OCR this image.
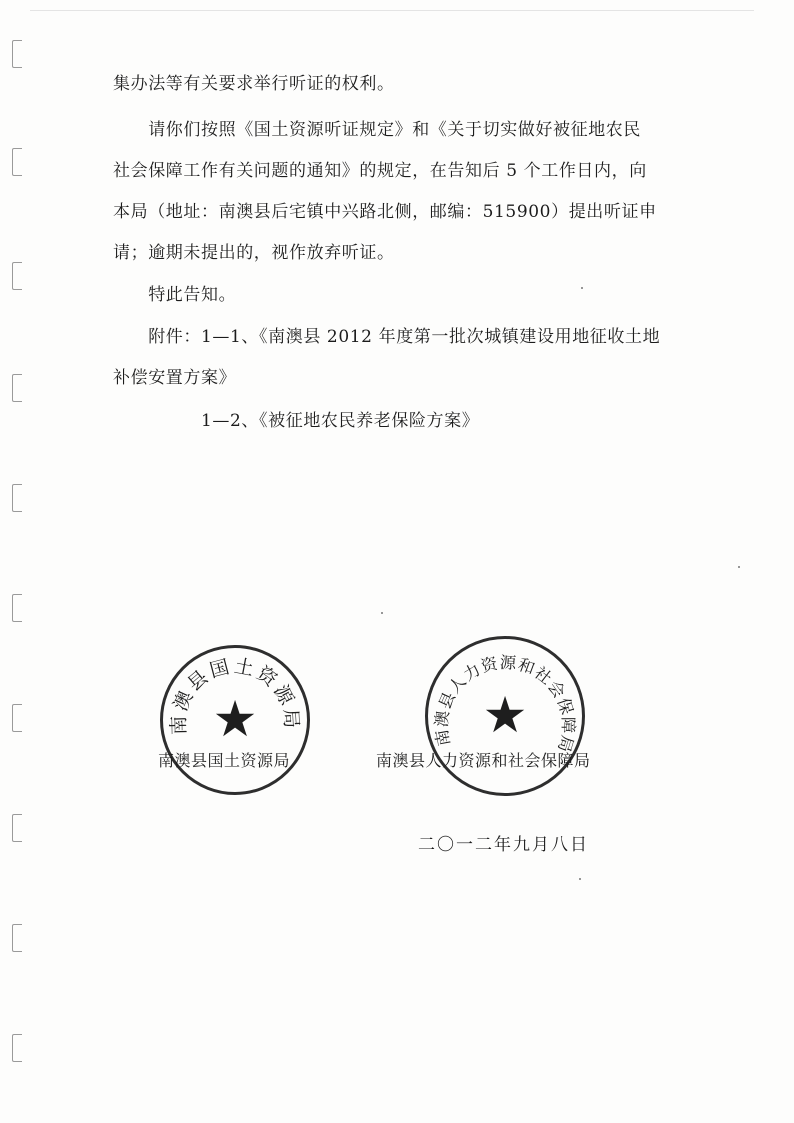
集办法等有关要求举行听证的权利。
　　请你们按照《国土资源听证规定》和《关于切实做好被征地农民
社会保障工作有关问题的通知》的规定，在告知后 5 个工作日内，向
本局（地址：南澳县后宅镇中兴路北侧，邮编：515900）提出听证申
请；逾期未提出的，视作放弃听证。
　　特此告知。
　　附件：1—1、《南澳县 2012 年度第一批次城镇建设用地征收土地
补偿安置方案》
　　　　　1—2、《被征地农民养老保险方案》
南澳县国土资源局
★	南澳县人力资源和社会保障局
★
南澳县国土资源局	南澳县人力资源和社会保障局
二〇一二年九月八日
